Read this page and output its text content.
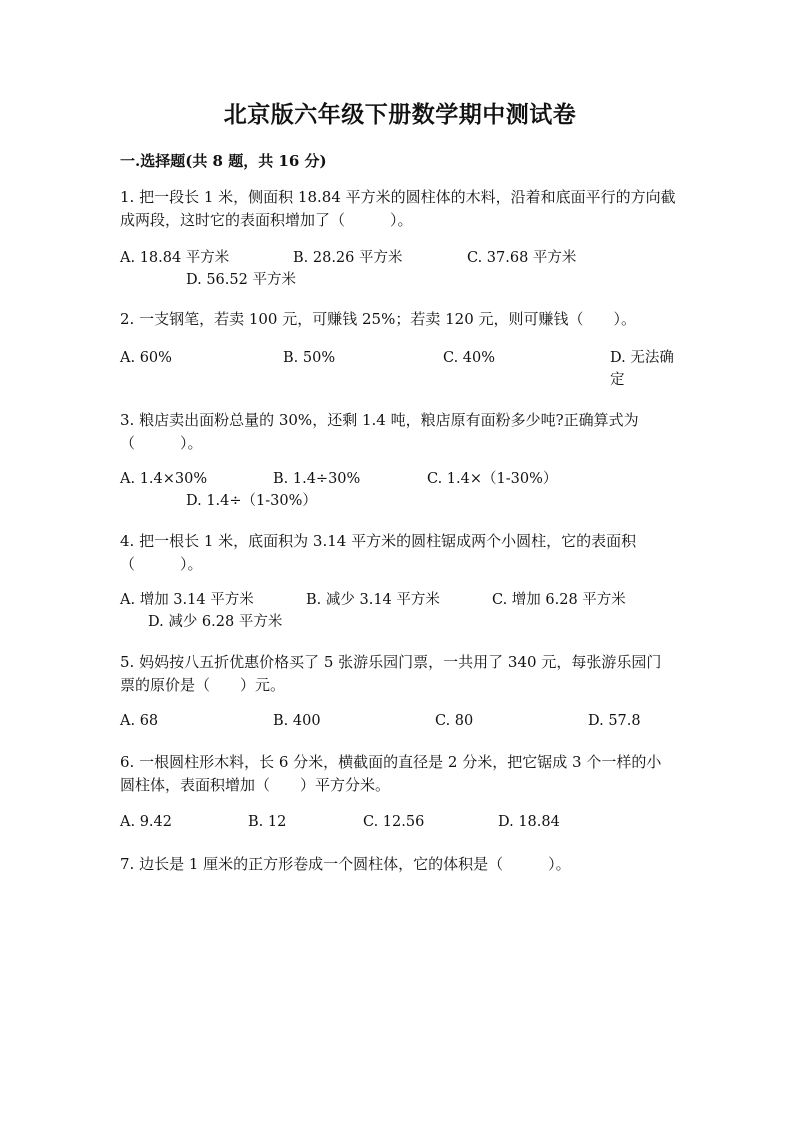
北京版六年级下册数学期中测试卷
一.选择题(共 8 题，共 16 分)
1. 把一段长 1 米，侧面积 18.84 平方米的圆柱体的木料，沿着和底面平行的方向截成两段，这时它的表面积增加了（　　　）。
A. 18.84 平方米	B. 28.26 平方米	C. 37.68 平方米
D. 56.52 平方米
2. 一支钢笔，若卖 100 元，可赚钱 25%；若卖 120 元，则可赚钱（　　）。
A. 60%	B. 50%	C. 40%	D. 无法确定
3. 粮店卖出面粉总量的 30%，还剩 1.4 吨，粮店原有面粉多少吨?正确算式为（　　　）。
A. 1.4×30%	B. 1.4÷30%	C. 1.4×（1-30%）
D. 1.4÷（1-30%）
4. 把一根长 1 米，底面积为 3.14 平方米的圆柱锯成两个小圆柱，它的表面积（　　　）。
A. 增加 3.14 平方米	B. 减少 3.14 平方米	C. 增加 6.28 平方米
D. 减少 6.28 平方米
5. 妈妈按八五折优惠价格买了 5 张游乐园门票，一共用了 340 元，每张游乐园门票的原价是（　　）元。
A. 68	B. 400	C. 80	D. 57.8
6. 一根圆柱形木料，长 6 分米，横截面的直径是 2 分米，把它锯成 3 个一样的小圆柱体，表面积增加（　　）平方分米。
A. 9.42	B. 12	C. 12.56	D. 18.84
7. 边长是 1 厘米的正方形卷成一个圆柱体，它的体积是（　　　）。
